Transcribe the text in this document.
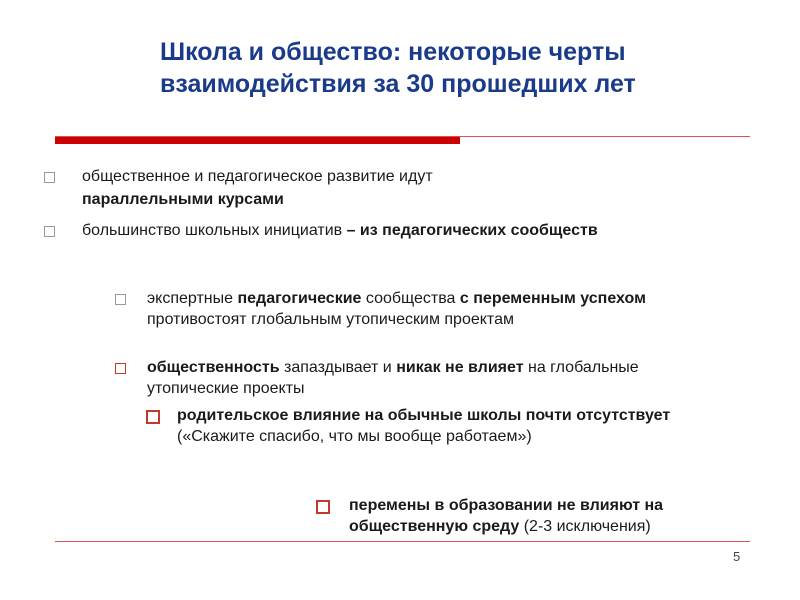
Школа и общество: некоторые черты
взаимодействия за 30 прошедших лет
общественное и педагогическое развитие идут
параллельными курсами
большинство школьных инициатив – из педагогических сообществ
экспертные педагогические сообщества с переменным успехом противостоят глобальным утопическим проектам
общественность запаздывает и никак не влияет на глобальные утопические проекты
родительское влияние на обычные школы почти отсутствует («Скажите спасибо, что мы вообще работаем»)
перемены в образовании не влияют на общественную среду (2-3 исключения)
5
